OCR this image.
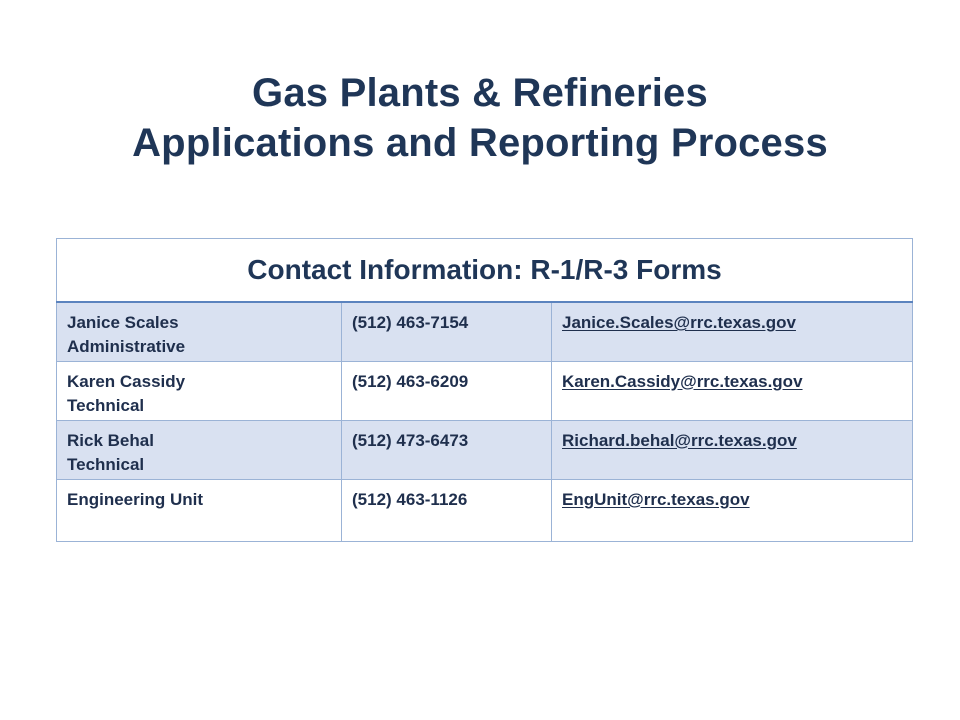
Gas Plants & Refineries
Applications and Reporting Process
Contact Information: R-1/R-3 Forms		

Janice Scales
Administrative	(512) 463-7154	Janice.Scales@rrc.texas.gov

Karen Cassidy
Technical	(512) 463-6209	Karen.Cassidy@rrc.texas.gov

Rick Behal
Technical	(512) 473-6473	Richard.behal@rrc.texas.gov

Engineering Unit	(512) 463-1126	EngUnit@rrc.texas.gov
